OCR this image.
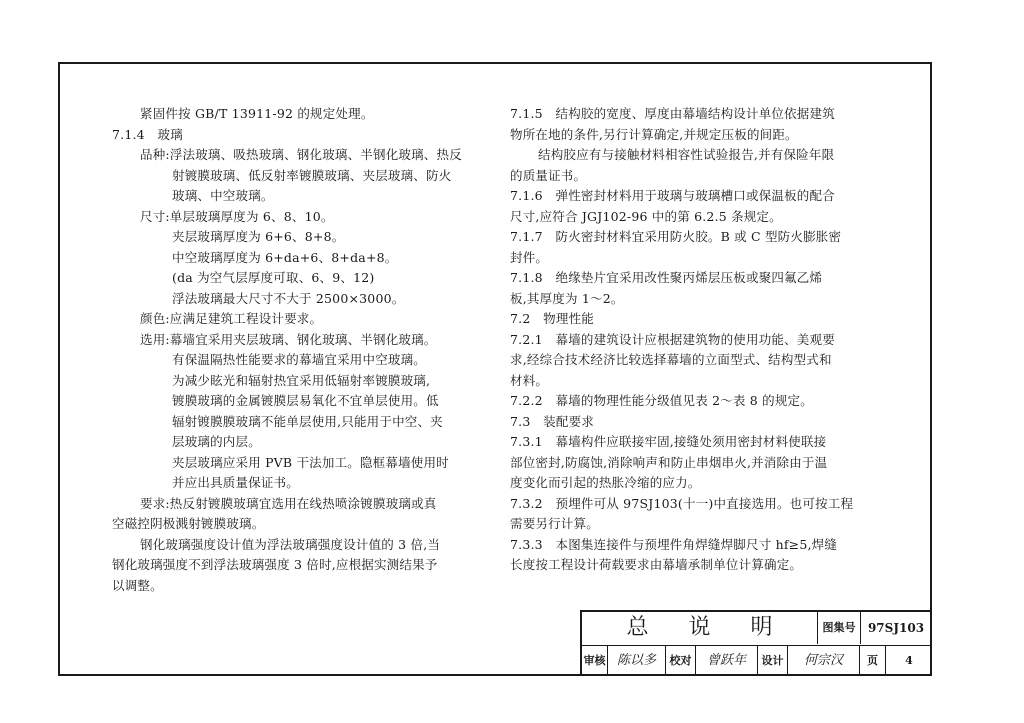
紧固件按 GB/T 13911-92 的规定处理。
7.1.4　玻璃
品种:浮法玻璃、吸热玻璃、钢化玻璃、半钢化玻璃、热反
射镀膜玻璃、低反射率镀膜玻璃、夹层玻璃、防火
玻璃、中空玻璃。
尺寸:单层玻璃厚度为 6、8、10。
夹层玻璃厚度为 6+6、8+8。
中空玻璃厚度为 6+da+6、8+da+8。
(da 为空气层厚度可取、6、9、12)
浮法玻璃最大尺寸不大于 2500×3000。
颜色:应满足建筑工程设计要求。
选用:幕墙宜采用夹层玻璃、钢化玻璃、半钢化玻璃。
有保温隔热性能要求的幕墙宜采用中空玻璃。
为减少眩光和辐射热宜采用低辐射率镀膜玻璃,
镀膜玻璃的金属镀膜层易氧化不宜单层使用。低
辐射镀膜膜玻璃不能单层使用,只能用于中空、夹
层玻璃的内层。
夹层玻璃应采用 PVB 干法加工。隐框幕墙使用时
并应出具质量保证书。
要求:热反射镀膜玻璃宜选用在线热喷涂镀膜玻璃或真
空磁控阴极溅射镀膜玻璃。
钢化玻璃强度设计值为浮法玻璃强度设计值的 3 倍,当
钢化玻璃强度不到浮法玻璃强度 3 倍时,应根据实测结果予
以调整。
7.1.5　结构胶的宽度、厚度由幕墙结构设计单位依据建筑
物所在地的条件,另行计算确定,并规定压板的间距。
结构胶应有与接触材料相容性试验报告,并有保险年限
的质量证书。
7.1.6　弹性密封材料用于玻璃与玻璃槽口或保温板的配合
尺寸,应符合 JGJ102-96 中的第 6.2.5 条规定。
7.1.7　防火密封材料宜采用防火胶。B 或 C 型防火膨胀密
封件。
7.1.8　绝缘垫片宜采用改性聚丙烯层压板或聚四氟乙烯
板,其厚度为 1～2。
7.2　物理性能
7.2.1　幕墙的建筑设计应根据建筑物的使用功能、美观要
求,经综合技术经济比较选择幕墙的立面型式、结构型式和
材料。
7.2.2　幕墙的物理性能分级值见表 2～表 8 的规定。
7.3　装配要求
7.3.1　幕墙构件应联接牢固,接缝处须用密封材料使联接
部位密封,防腐蚀,消除响声和防止串烟串火,并消除由于温
度变化而引起的热胀冷缩的应力。
7.3.2　预埋件可从 97SJ103(十一)中直接选用。也可按工程
需要另行计算。
7.3.3　本图集连接件与预埋件角焊缝焊脚尺寸 hf≥5,焊缝
长度按工程设计荷载要求由幕墙承制单位计算确定。
总说明 图集号	97SJ103
审核 陈以多	校对	曾跃年	设计	何宗汉	页	4
